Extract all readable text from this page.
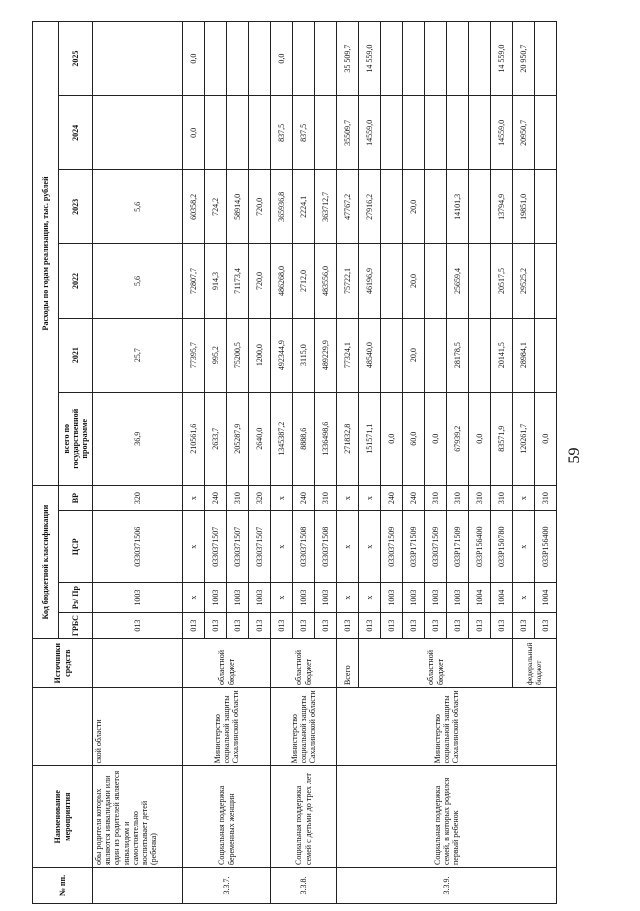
59
№ пп.	Наименование мероприятия		Источники средств	Код бюджетной классификации				Расходы по годам реализации, тыс. рублей					
				ГРБС	Рз/ Пр	ЦСР	ВР	всего по государственной программе	2021	2022	2023	2024	2025
	обы родителя которых являются инвалидами или один из родителей является инвалидом и самостоятельно воспитывает детей (ребенка)	ской области		013	1003	0330371506	320	36,9	25,7	5,6	5,6		
3.3.7.	Социальная поддержка беременных женщин	Министерство социальной защиты Сахалинской области	областной бюджет	013	х	х	х	210561,6	77395,7	72807,7	60358,2	0,0	0,0
				013	1003	0330371507	240	2633,7	995,2	914,3	724,2		
				013	1003	0330371507	310	205287,9	75200,5	71173,4	58914,0		
				013	1003	0330371507	320	2640,0	1200,0	720,0	720,0		
3.3.8.	Социальная поддержка семей с детьми до трех лет	Министерство социальной защиты Сахалинской области	областной бюджет	013	х	х	х	1345387,2	492344,9	486268,0	365936,8	837,5	0,0
				013	1003	0330371508	240	8888,6	3115,0	2712,0	2224,1	837,5	
				013	1003	0330371508	310	1336498,6	489229,9	483556,0	363712,7		
3.3.9.	Социальная поддержка семей, в которых родился первый ребенок	Министерство социальной защиты Сахалинской области	Всего	013	х	х	х	271832,8	77324,1	75722,1	47767,2	35509,7	35 509,7
			областной бюджет	013	х	х	х	151571,1	48540,0	46196,9	27916,2	14559,0	14 559,0
				013	1003	0330371509	240	0,0					
				013	1003	033P171509	240	60,0	20,0	20,0	20,0		
				013	1003	0330371509	310	0,0					
				013	1003	033P171509	310	67939,2	28178,5	25659,4	14101,3		
				013	1004	033P156400	310	0,0					
				013	1004	033P150780	310	83571,9	20141,5	20517,5	13794,9	14559,0	14 559,0
			федеральный бюджет	013	х	х	х	120261,7	28984,1	29525,2	19851,0	20950,7	20 950,7
				013	1004	033P156400	310	0,0					
